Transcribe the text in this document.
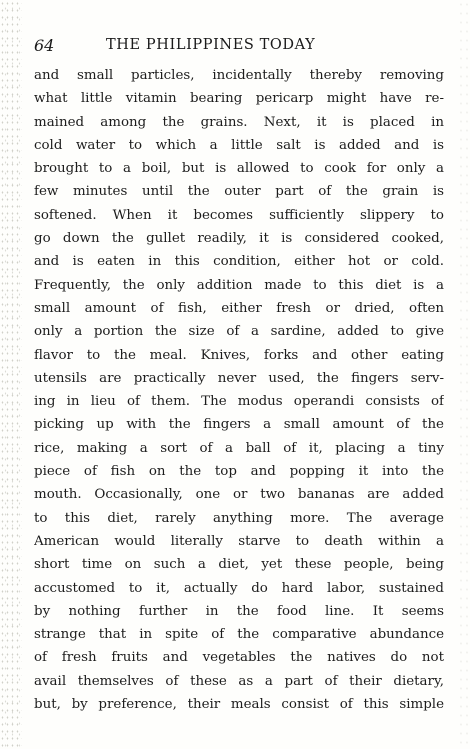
64	THE PHILIPPINES TODAY
and small particles, incidentally thereby removing
what little vitamin bearing pericarp might have re-
mained among the grains. Next, it is placed in
cold water to which a little salt is added and is
brought to a boil, but is allowed to cook for only a
few minutes until the outer part of the grain is
softened. When it becomes sufficiently slippery to
go down the gullet readily, it is considered cooked,
and is eaten in this condition, either hot or cold.
Frequently, the only addition made to this diet is a
small amount of fish, either fresh or dried, often
only a portion the size of a sardine, added to give
flavor to the meal. Knives, forks and other eating
utensils are practically never used, the fingers serv-
ing in lieu of them. The modus operandi consists of
picking up with the fingers a small amount of the
rice, making a sort of a ball of it, placing a tiny
piece of fish on the top and popping it into the
mouth. Occasionally, one or two bananas are added
to this diet, rarely anything more. The average
American would literally starve to death within a
short time on such a diet, yet these people, being
accustomed to it, actually do hard labor, sustained
by nothing further in the food line. It seems
strange that in spite of the comparative abundance
of fresh fruits and vegetables the natives do not
avail themselves of these as a part of their dietary,
but, by preference, their meals consist of this simple
